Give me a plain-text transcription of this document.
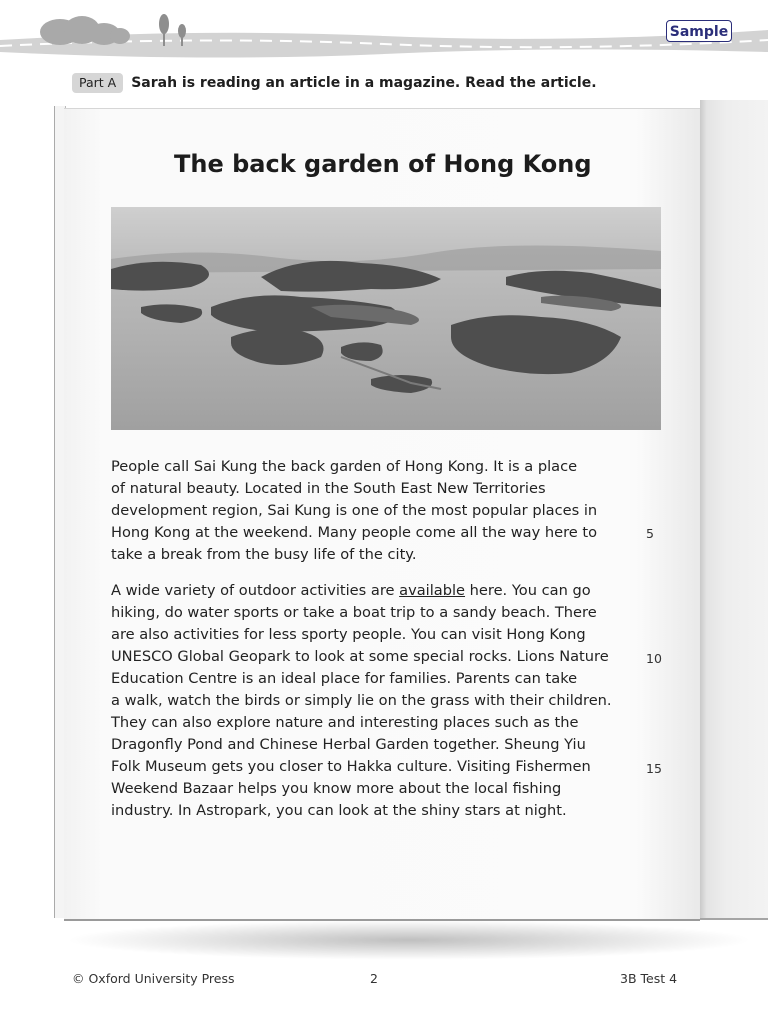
Sample
Part A	Sarah is reading an article in a magazine. Read the article.
The back garden of Hong Kong

People call Sai Kung the back garden of Hong Kong. It is a place
of natural beauty. Located in the South East New Territories
development region, Sai Kung is one of the most popular places in
Hong Kong at the weekend. Many people come all the way here to
take a break from the busy life of the city.

5

A wide variety of outdoor activities are available here. You can go
hiking, do water sports or take a boat trip to a sandy beach. There
are also activities for less sporty people. You can visit Hong Kong
UNESCO Global Geopark to look at some special rocks. Lions Nature
Education Centre is an ideal place for families. Parents can take
a walk, watch the birds or simply lie on the grass with their children.
They can also explore nature and interesting places such as the
Dragonfly Pond and Chinese Herbal Garden together. Sheung Yiu
Folk Museum gets you closer to Hakka culture. Visiting Fishermen
Weekend Bazaar helps you know more about the local fishing
industry. In Astropark, you can look at the shiny stars at night.

10
15
© Oxford University Press	2	3B Test 4
